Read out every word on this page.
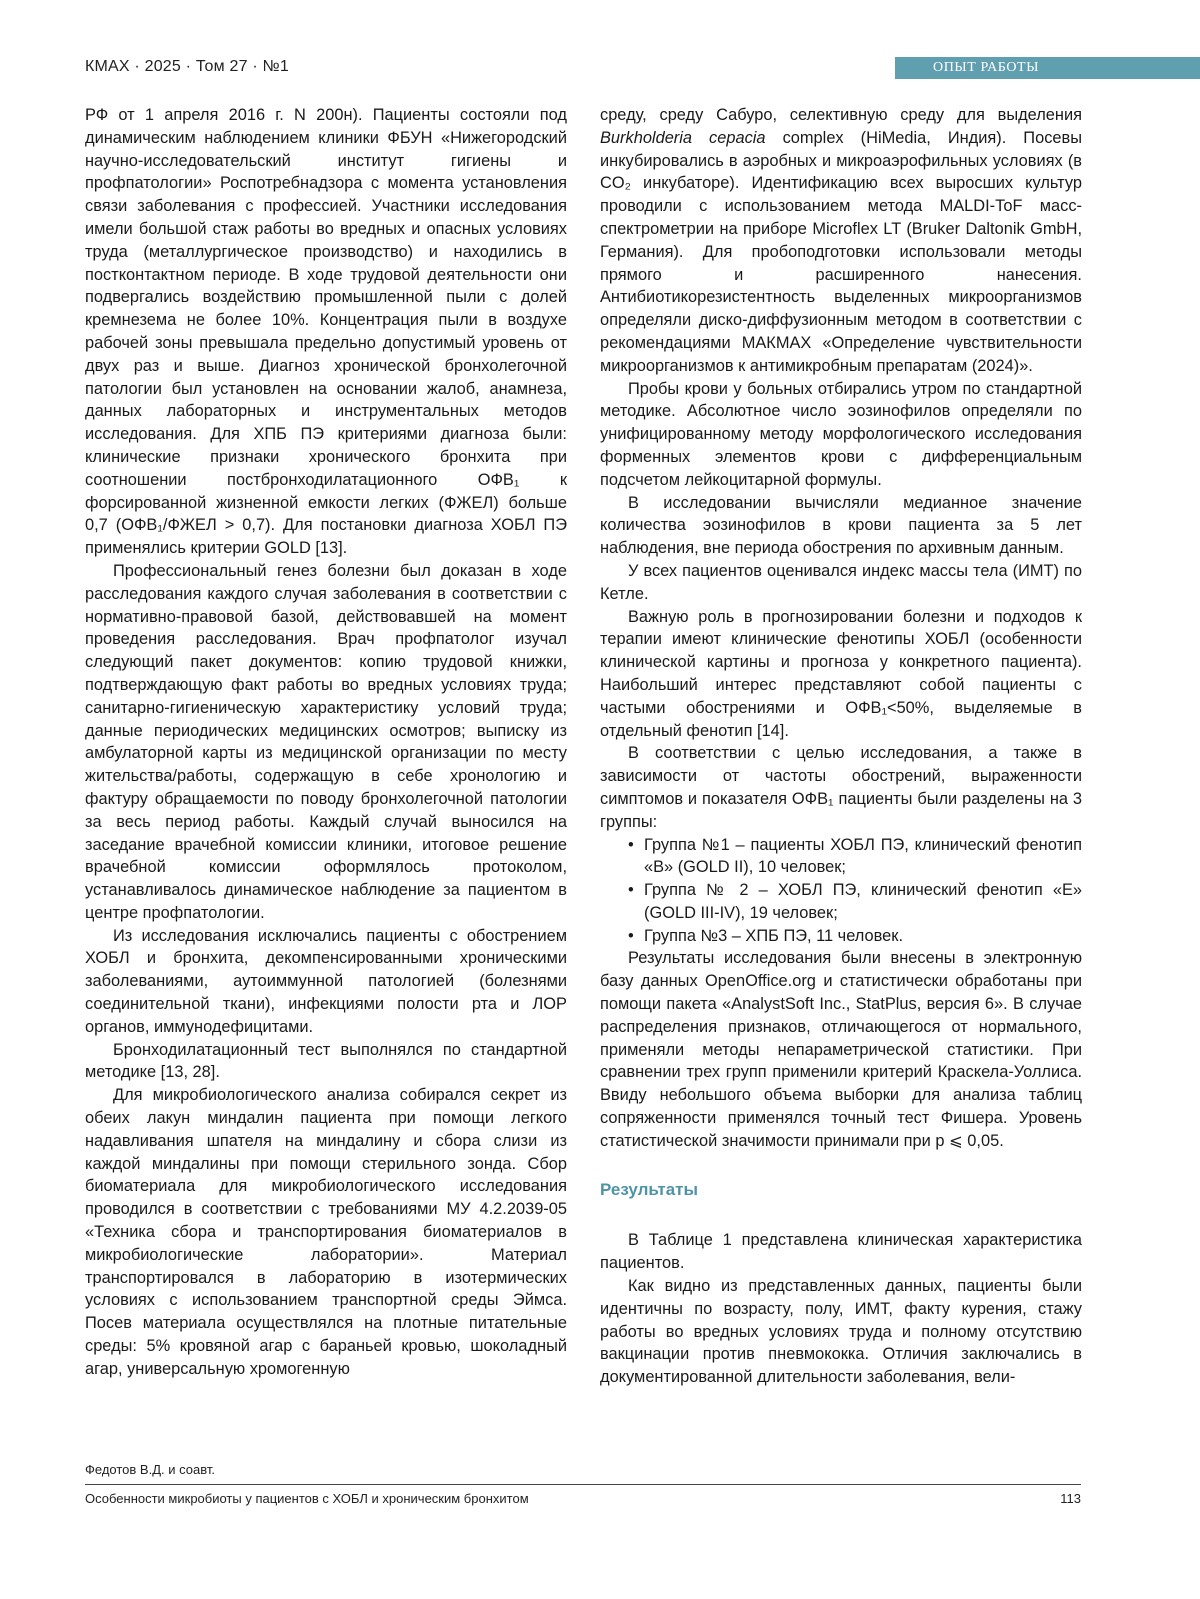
КМАХ · 2025 · Том 27 · №1	ОПЫТ РАБОТЫ

РФ от 1 апреля 2016 г. N 200н). Пациенты состояли под динамическим наблюдением клиники ФБУН «Нижегородский научно-исследовательский институт гигиены и профпатологии» Роспотребнадзора с момента установления связи заболевания с профессией. Участники исследования имели большой стаж работы во вредных и опасных условиях труда (металлургическое производство) и находились в постконтактном периоде. В ходе трудовой деятельности они подвергались воздействию промышленной пыли с долей кремнезема не более 10%. Концентрация пыли в воздухе рабочей зоны превышала предельно допустимый уровень от двух раз и выше. Диагноз хронической бронхолегочной патологии был установлен на основании жалоб, анамнеза, данных лабораторных и инструментальных методов исследования. Для ХПБ ПЭ критериями диагноза были: клинические признаки хронического бронхита при соотношении постбронходилатационного ОФВ₁ к форсированной жизненной емкости легких (ФЖЕЛ) больше 0,7 (ОФВ₁/ФЖЕЛ > 0,7). Для постановки диагноза ХОБЛ ПЭ применялись критерии GOLD [13].

Профессиональный генез болезни был доказан в ходе расследования каждого случая заболевания в соответствии с нормативно-правовой базой, действовавшей на момент проведения расследования. Врач профпатолог изучал следующий пакет документов: копию трудовой книжки, подтверждающую факт работы во вредных условиях труда; санитарно-гигиеническую характеристику условий труда; данные периодических медицинских осмотров; выписку из амбулаторной карты из медицинской организации по месту жительства/работы, содержащую в себе хронологию и фактуру обращаемости по поводу бронхолегочной патологии за весь период работы. Каждый случай выносился на заседание врачебной комиссии клиники, итоговое решение врачебной комиссии оформлялось протоколом, устанавливалось динамическое наблюдение за пациентом в центре профпатологии.

Из исследования исключались пациенты с обострением ХОБЛ и бронхита, декомпенсированными хроническими заболеваниями, аутоиммунной патологией (болезнями соединительной ткани), инфекциями полости рта и ЛОР органов, иммунодефицитами.

Бронходилатационный тест выполнялся по стандартной методике [13, 28].

Для микробиологического анализа собирался секрет из обеих лакун миндалин пациента при помощи легкого надавливания шпателя на миндалину и сбора слизи из каждой миндалины при помощи стерильного зонда. Сбор биоматериала для микробиологического исследования проводился в соответствии с требованиями МУ 4.2.2039-05 «Техника сбора и транспортирования биоматериалов в микробиологические лаборатории». Материал транспортировался в лабораторию в изотермических условиях с использованием транспортной среды Эймса. Посев материала осуществлялся на плотные питательные среды: 5% кровяной агар с бараньей кровью, шоколадный агар, универсальную хромогенную

среду, среду Сабуро, селективную среду для выделения Burkholderia cepacia complex (HiMedia, Индия). Посевы инкубировались в аэробных и микроаэрофильных условиях (в CO₂ инкубаторе). Идентификацию всех выросших культур проводили с использованием метода MALDI-ToF масс-спектрометрии на приборе Microflex LT (Bruker Daltonik GmbH, Германия). Для пробоподготовки использовали методы прямого и расширенного нанесения. Антибиотикорезистентность выделенных микроорганизмов определяли диско-диффузионным методом в соответствии с рекомендациями МАКМАХ «Определение чувствительности микроорганизмов к антимикробным препаратам (2024)».

Пробы крови у больных отбирались утром по стандартной методике. Абсолютное число эозинофилов определяли по унифицированному методу морфологического исследования форменных элементов крови с дифференциальным подсчетом лейкоцитарной формулы.

В исследовании вычисляли медианное значение количества эозинофилов в крови пациента за 5 лет наблюдения, вне периода обострения по архивным данным.

У всех пациентов оценивался индекс массы тела (ИМТ) по Кетле.

Важную роль в прогнозировании болезни и подходов к терапии имеют клинические фенотипы ХОБЛ (особенности клинической картины и прогноза у конкретного пациента). Наибольший интерес представляют собой пациенты с частыми обострениями и ОФВ₁<50%, выделяемые в отдельный фенотип [14].

В соответствии с целью исследования, а также в зависимости от частоты обострений, выраженности симптомов и показателя ОФВ₁ пациенты были разделены на 3 группы:

• Группа №1 – пациенты ХОБЛ ПЭ, клинический фенотип «B» (GOLD II), 10 человек;
• Группа № 2 – ХОБЛ ПЭ, клинический фенотип «E» (GOLD III-IV), 19 человек;
• Группа №3 – ХПБ ПЭ, 11 человек.

Результаты исследования были внесены в электронную базу данных OpenOffice.org и статистически обработаны при помощи пакета «AnalystSoft Inc., StatPlus, версия 6». В случае распределения признаков, отличающегося от нормального, применяли методы непараметрической статистики. При сравнении трех групп применили критерий Краскела-Уоллиса. Ввиду небольшого объема выборки для анализа таблиц сопряженности применялся точный тест Фишера. Уровень статистической значимости принимали при p ⩽ 0,05.

Результаты

В Таблице 1 представлена клиническая характеристика пациентов.

Как видно из представленных данных, пациенты были идентичны по возрасту, полу, ИМТ, факту курения, стажу работы во вредных условиях труда и полному отсутствию вакцинации против пневмококка. Отличия заключались в документированной длительности заболевания, вели-

Федотов В.Д. и соавт.
Особенности микробиоты у пациентов с ХОБЛ и хроническим бронхитом	113
